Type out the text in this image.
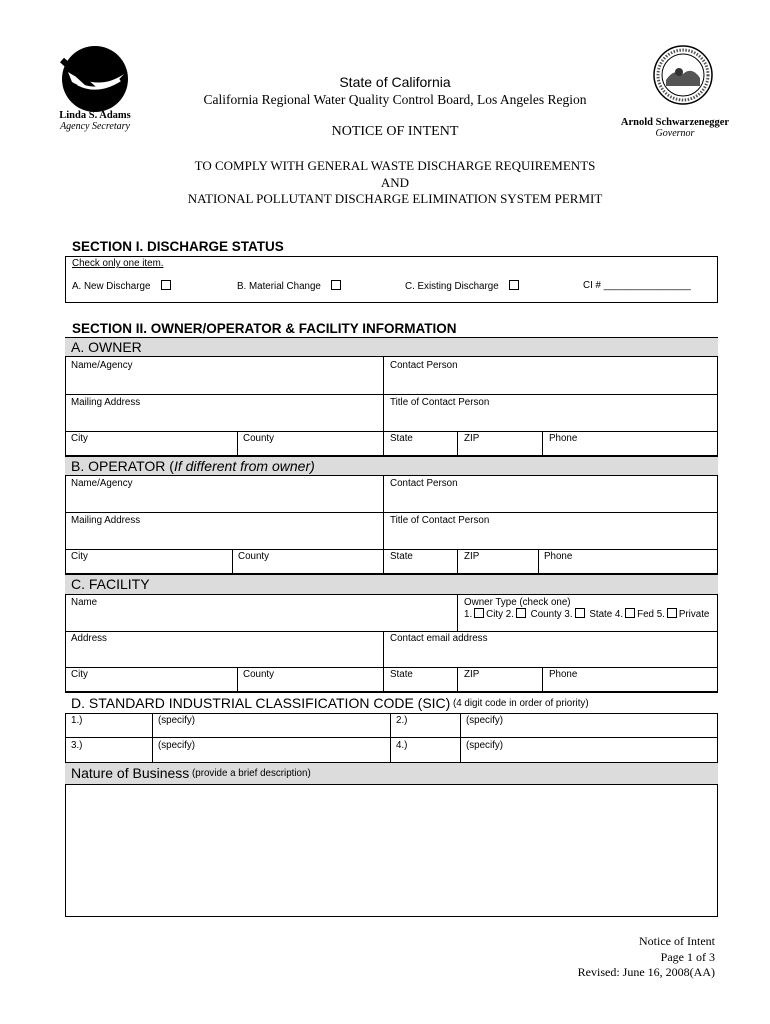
Linda S. Adams
Agency Secretary
State of California
California Regional Water Quality Control Board, Los Angeles Region
NOTICE OF INTENT
Arnold Schwarzenegger
Governor
TO COMPLY WITH GENERAL WASTE DISCHARGE REQUIREMENTS
AND
NATIONAL POLLUTANT DISCHARGE ELIMINATION SYSTEM PERMIT
SECTION I. DISCHARGE STATUS
Check only one item.
A. New Discharge	B. Material Change	C. Existing Discharge	CI # ________________
SECTION II. OWNER/OPERATOR & FACILITY INFORMATION
A. OWNER
Name/Agency	Contact Person
Mailing Address	Title of Contact Person
City	County	State	ZIP	Phone
B. OPERATOR (If different from owner)
Name/Agency	Contact Person
Mailing Address	Title of Contact Person
City	County	State	ZIP	Phone
C. FACILITY
Name	Owner Type (check one)
1. City 2. County 3. State 4. Fed 5. Private
Address	Contact email address
City	County	State	ZIP	Phone
D. STANDARD INDUSTRIAL CLASSIFICATION CODE (SIC) (4 digit code in order of priority)
1.)	(specify)	2.)	(specify)
3.)	(specify)	4.)	(specify)
Nature of Business (provide a brief description)
Notice of Intent
Page 1 of 3
Revised: June 16, 2008(AA)
